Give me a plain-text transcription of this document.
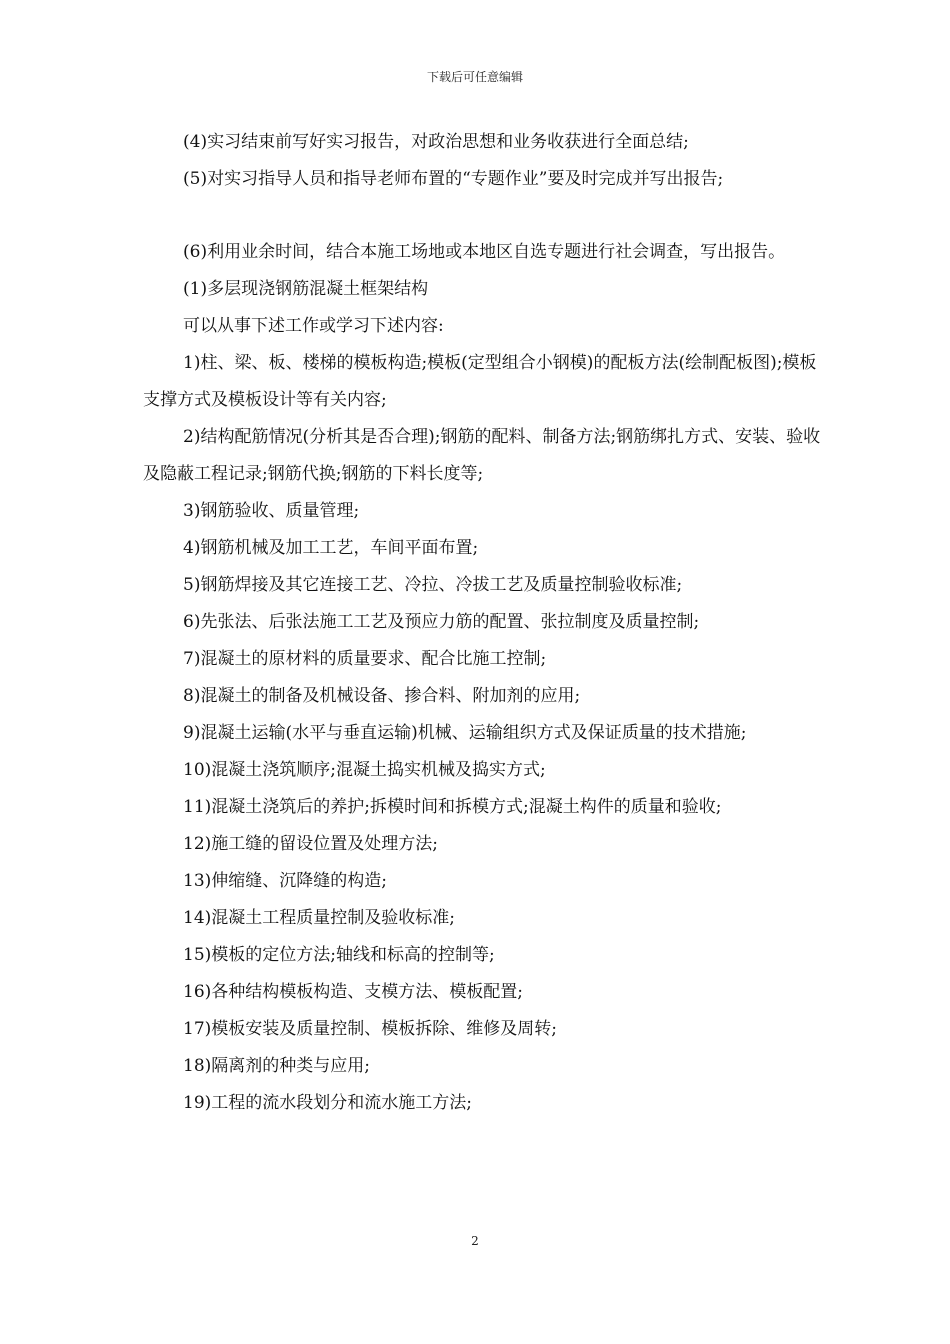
下载后可任意编辑

(4)实习结束前写好实习报告，对政治思想和业务收获进行全面总结;

(5)对实习指导人员和指导老师布置的“专题作业”要及时完成并写出报告;

(6)利用业余时间，结合本施工场地或本地区自选专题进行社会调查，写出报告。

(1)多层现浇钢筋混凝土框架结构

可以从事下述工作或学习下述内容:

1)柱、梁、板、楼梯的模板构造;模板(定型组合小钢模)的配板方法(绘制配板图);模板支撑方式及模板设计等有关内容;

2)结构配筋情况(分析其是否合理);钢筋的配料、制备方法;钢筋绑扎方式、安装、验收及隐蔽工程记录;钢筋代换;钢筋的下料长度等;

3)钢筋验收、质量管理;

4)钢筋机械及加工工艺，车间平面布置;

5)钢筋焊接及其它连接工艺、冷拉、冷拔工艺及质量控制验收标准;

6)先张法、后张法施工工艺及预应力筋的配置、张拉制度及质量控制;

7)混凝土的原材料的质量要求、配合比施工控制;

8)混凝土的制备及机械设备、掺合料、附加剂的应用;

9)混凝土运输(水平与垂直运输)机械、运输组织方式及保证质量的技术措施;

10)混凝土浇筑顺序;混凝土捣实机械及捣实方式;

11)混凝土浇筑后的养护;拆模时间和拆模方式;混凝土构件的质量和验收;

12)施工缝的留设位置及处理方法;

13)伸缩缝、沉降缝的构造;

14)混凝土工程质量控制及验收标准;

15)模板的定位方法;轴线和标高的控制等;

16)各种结构模板构造、支模方法、模板配置;

17)模板安装及质量控制、模板拆除、维修及周转;

18)隔离剂的种类与应用;

19)工程的流水段划分和流水施工方法;

2
